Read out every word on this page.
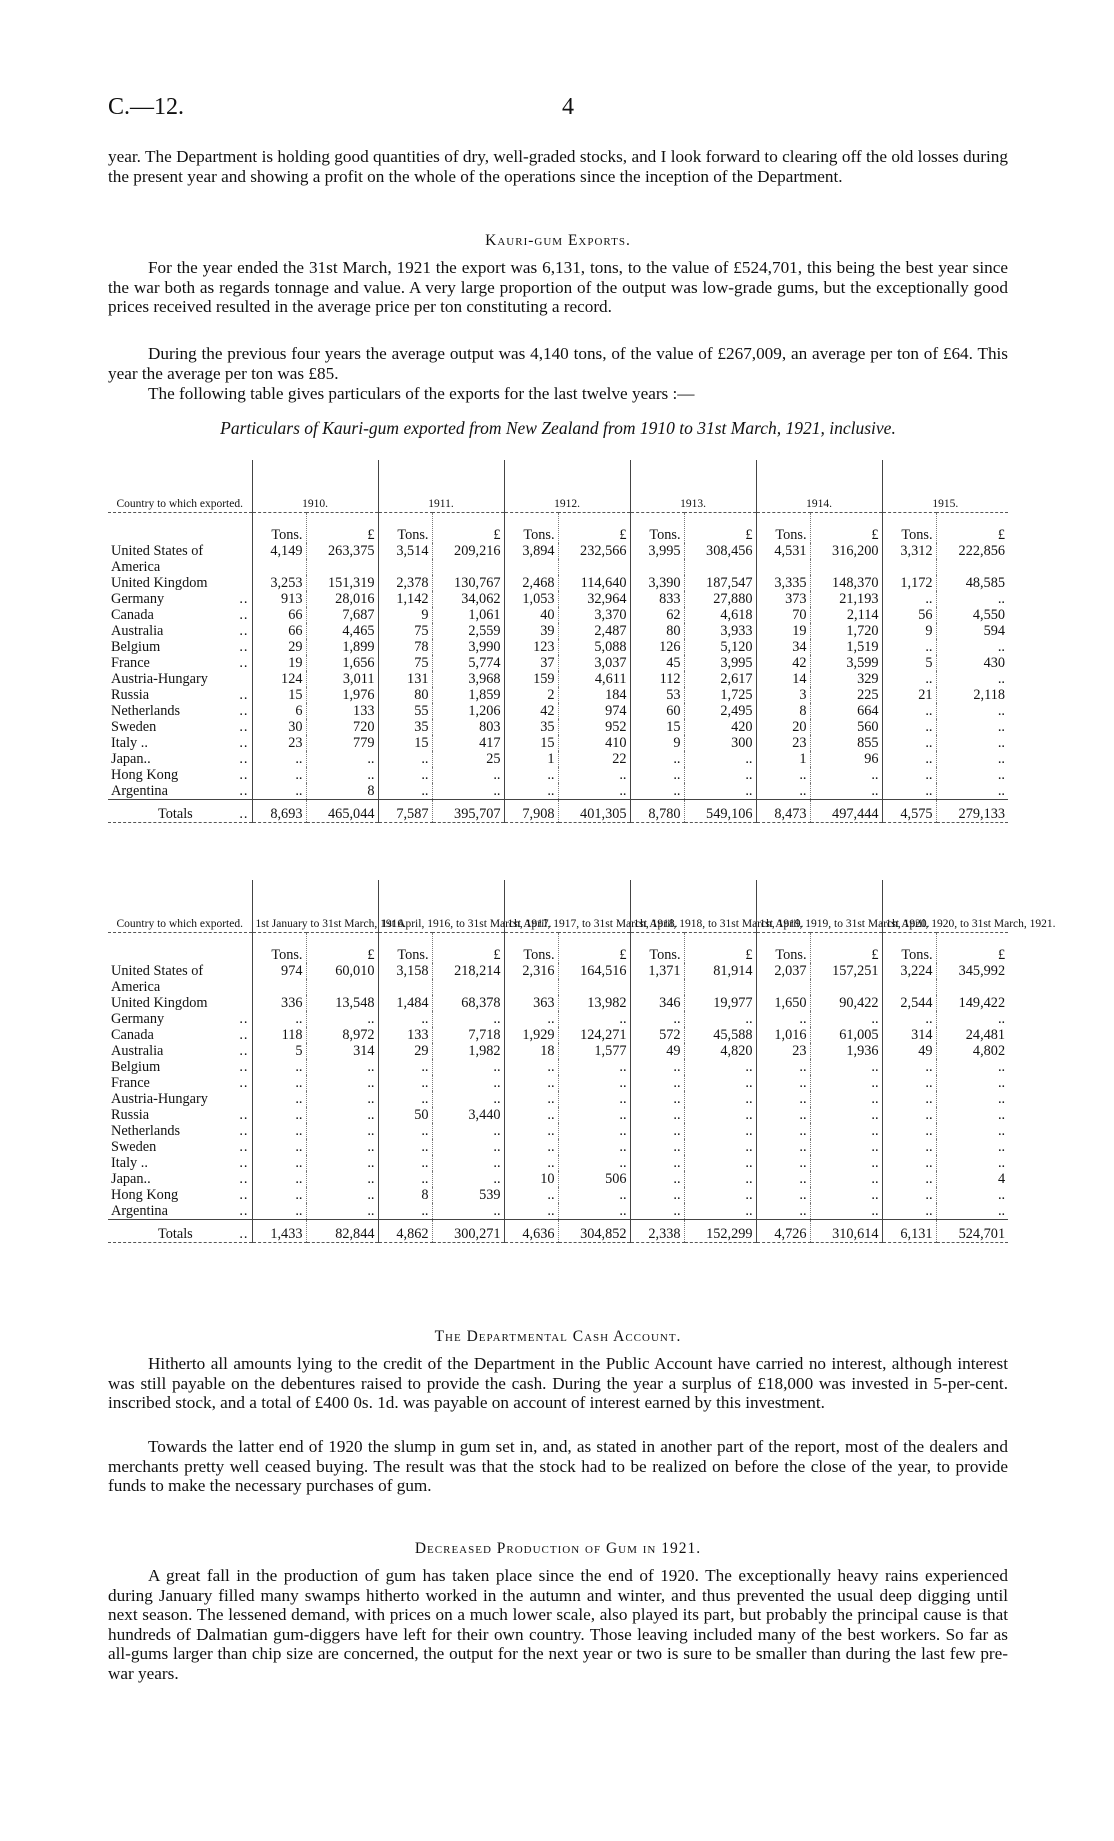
C.—12.	4

year. The Department is holding good quantities of dry, well-graded stocks, and I look forward to clearing off the old losses during the present year and showing a profit on the whole of the operations since the inception of the Department.

Kauri-gum Exports.

For the year ended the 31st March, 1921 the export was 6,131, tons, to the value of £524,701, this being the best year since the war both as regards tonnage and value. A very large proportion of the output was low-grade gums, but the exceptionally good prices received resulted in the average price per ton constituting a record.

During the previous four years the average output was 4,140 tons, of the value of £267,009, an average per ton of £64. This year the average per ton was £85.

The following table gives particulars of the exports for the last twelve years :—

Particulars of Kauri-gum exported from New Zealand from 1910 to 31st March, 1921, inclusive.

Country to which exported.	1910.		1911.		1912.		1913.		1914.		1915.	
	Tons.	£	Tons.	£	Tons.	£	Tons.	£	Tons.	£	Tons.	£
United States of	4,149	263,375	3,514	209,216	3,894	232,566	3,995	308,456	4,531	316,200	3,312	222,856
America												
United Kingdom	3,253	151,319	2,378	130,767	2,468	114,640	3,390	187,547	3,335	148,370	1,172	48,585
Germany ..	913	28,016	1,142	34,062	1,053	32,964	833	27,880	373	21,193	..	..
Canada ..	66	7,687	9	1,061	40	3,370	62	4,618	70	2,114	56	4,550
Australia ..	66	4,465	75	2,559	39	2,487	80	3,933	19	1,720	9	594
Belgium ..	29	1,899	78	3,990	123	5,088	126	5,120	34	1,519	..	..
France ..	19	1,656	75	5,774	37	3,037	45	3,995	42	3,599	5	430
Austria-Hungary	124	3,011	131	3,968	159	4,611	112	2,617	14	329	..	..
Russia ..	15	1,976	80	1,859	2	184	53	1,725	3	225	21	2,118
Netherlands ..	6	133	55	1,206	42	974	60	2,495	8	664	..	..
Sweden ..	30	720	35	803	35	952	15	420	20	560	..	..
Italy .. ..	23	779	15	417	15	410	9	300	23	855	..	..
Japan.. ..	..	..	..	25	1	22	..	..	1	96	..	..
Hong Kong ..	..	..	..	..	..	..	..	..	..	..	..	..
Argentina ..	..	8	..	..	..	..	..	..	..	..	..	..
Totals ..	8,693	465,044	7,587	395,707	7,908	401,305	8,780	549,106	8,473	497,444	4,575	279,133
Country to which exported.	1st January to 31st March, 1916.		1st April, 1916, to 31st March, 1917.		1st April, 1917, to 31st March, 1918.		1st April, 1918, to 31st March, 1919.		1st April, 1919, to 31st March, 1920.		1st April, 1920, to 31st March, 1921.	
	Tons.	£	Tons.	£	Tons.	£	Tons.	£	Tons.	£	Tons.	£
United States of	974	60,010	3,158	218,214	2,316	164,516	1,371	81,914	2,037	157,251	3,224	345,992
America												
United Kingdom	336	13,548	1,484	68,378	363	13,982	346	19,977	1,650	90,422	2,544	149,422
Germany ..	..	..	..	..	..	..	..	..	..	..	..	..
Canada ..	118	8,972	133	7,718	1,929	124,271	572	45,588	1,016	61,005	314	24,481
Australia ..	5	314	29	1,982	18	1,577	49	4,820	23	1,936	49	4,802
Belgium ..	..	..	..	..	..	..	..	..	..	..	..	..
France ..	..	..	..	..	..	..	..	..	..	..	..	..
Austria-Hungary	..	..	..	..	..	..	..	..	..	..	..	..
Russia ..	..	..	50	3,440	..	..	..	..	..	..	..	..
Netherlands ..	..	..	..	..	..	..	..	..	..	..	..	..
Sweden ..	..	..	..	..	..	..	..	..	..	..	..	..
Italy .. ..	..	..	..	..	..	..	..	..	..	..	..	..
Japan.. ..	..	..	..	..	10	506	..	..	..	..	..	4
Hong Kong ..	..	..	8	539	..	..	..	..	..	..	..	..
Argentina ..	..	..	..	..	..	..	..	..	..	..	..	..
Totals ..	1,433	82,844	4,862	300,271	4,636	304,852	2,338	152,299	4,726	310,614	6,131	524,701

The Departmental Cash Account.

Hitherto all amounts lying to the credit of the Department in the Public Account have carried no interest, although interest was still payable on the debentures raised to provide the cash. During the year a surplus of £18,000 was invested in 5-per-cent. inscribed stock, and a total of £400 0s. 1d. was payable on account of interest earned by this investment.

Towards the latter end of 1920 the slump in gum set in, and, as stated in another part of the report, most of the dealers and merchants pretty well ceased buying. The result was that the stock had to be realized on before the close of the year, to provide funds to make the necessary purchases of gum.

Decreased Production of Gum in 1921.

A great fall in the production of gum has taken place since the end of 1920. The exceptionally heavy rains experienced during January filled many swamps hitherto worked in the autumn and winter, and thus prevented the usual deep digging until next season. The lessened demand, with prices on a much lower scale, also played its part, but probably the principal cause is that hundreds of Dalmatian gum-diggers have left for their own country. Those leaving included many of the best workers. So far as all-gums larger than chip size are concerned, the output for the next year or two is sure to be smaller than during the last few pre-war years.
